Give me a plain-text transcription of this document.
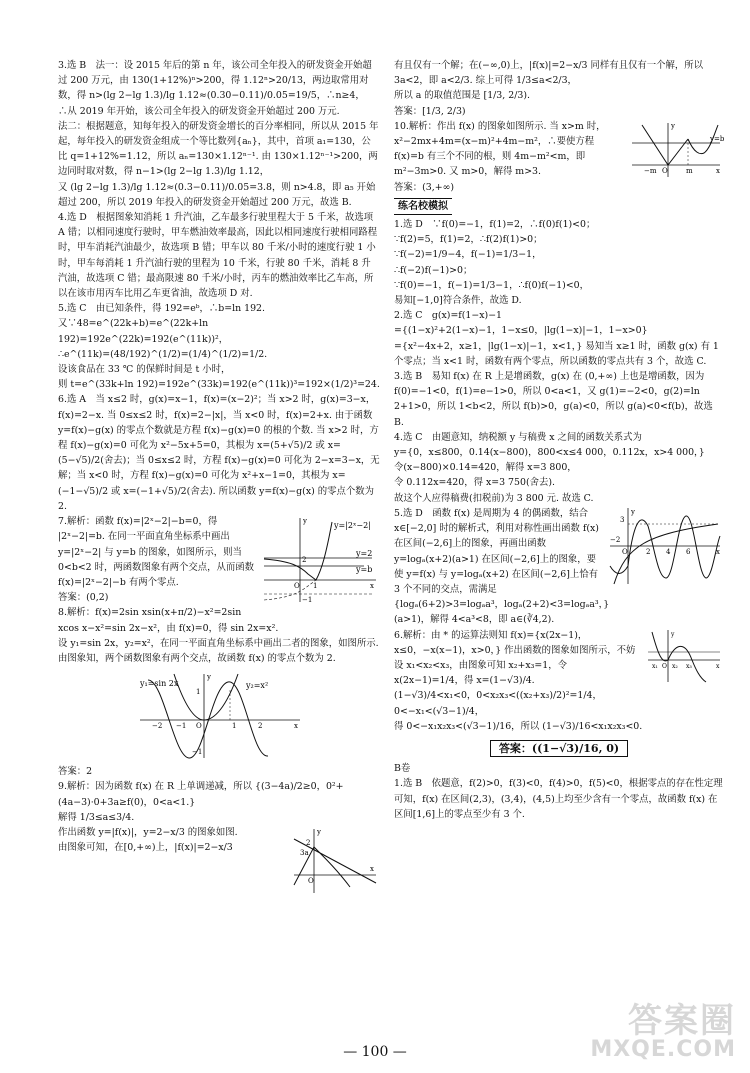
3.选 B　法一：设 2015 年后的第 n 年，该公司全年投入的研发资金开始超过 200 万元，由 130(1+12%)ⁿ>200，得 1.12ⁿ>20/13，两边取常用对数，得 n>(lg 2−lg 1.3)/lg 1.12≈(0.30−0.11)/0.05=19/5，∴n≥4，

∴从 2019 年开始，该公司全年投入的研发资金开始超过 200 万元.

法二：根据题意，知每年投入的研发资金增长的百分率相同，所以从 2015 年起，每年投入的研发资金组成一个等比数列{aₙ}，其中，首项 a₁=130，公比 q=1+12%=1.12，所以 aₙ=130×1.12ⁿ⁻¹. 由 130×1.12ⁿ⁻¹>200，两边同时取对数，得 n−1>(lg 2−lg 1.3)/lg 1.12，

又 (lg 2−lg 1.3)/lg 1.12≈(0.3−0.11)/0.05=3.8，则 n>4.8，即 a₅ 开始超过 200，所以 2019 年投入的研发资金开始超过 200 万元，故选 B.

4.选 D　根据图象知消耗 1 升汽油，乙车最多行驶里程大于 5 千米，故选项 A 错；以相同速度行驶时，甲车燃油效率最高，因此以相同速度行驶相同路程时，甲车消耗汽油最少，故选项 B 错；甲车以 80 千米/小时的速度行驶 1 小时，甲车每消耗 1 升汽油行驶的里程为 10 千米，行驶 80 千米，消耗 8 升汽油，故选项 C 错；最高限速 80 千米/小时，丙车的燃油效率比乙车高，所以在该市用丙车比用乙车更省油，故选项 D 对.

5.选 C　由已知条件，得 192=eᵇ，∴b=ln 192.

又∵48=e^(22k+b)=e^(22k+ln 192)=192e^(22k)=192(e^(11k))²，

∴e^(11k)=(48/192)^(1/2)=(1/4)^(1/2)=1/2.

设该食品在 33 ℃ 的保鲜时间是 t 小时，

则 t=e^(33k+ln 192)=192e^(33k)=192(e^(11k))³=192×(1/2)³=24.

6.选 A　当 x≤2 时，g(x)=x−1，f(x)=(x−2)²；当 x>2 时，g(x)=3−x，f(x)=2−x. 当 0≤x≤2 时，f(x)=2−|x|，当 x<0 时，f(x)=2+x. 由于函数 y=f(x)−g(x) 的零点个数就是方程 f(x)−g(x)=0 的根的个数. 当 x>2 时，方程 f(x)−g(x)=0 可化为 x²−5x+5=0，其根为 x=(5+√5)/2 或 x=(5−√5)/2(舍去)；当 0≤x≤2 时，方程 f(x)−g(x)=0 可化为 2−x=3−x，无解；当 x<0 时，方程 f(x)−g(x)=0 可化为 x²+x−1=0，其根为 x=(−1−√5)/2 或 x=(−1+√5)/2(舍去). 所以函数 y=f(x)−g(x) 的零点个数为 2.

y=|2ˣ−2|
y=2
y=b
O	x
y
1
2
−1

7.解析：函数 f(x)=|2ˣ−2|−b=0，得 |2ˣ−2|=b. 在同一平面直角坐标系中画出 y=|2ˣ−2| 与 y=b 的图象，如图所示，则当 0<b<2 时，两函数图象有两个交点，从而函数 f(x)=|2ˣ−2|−b 有两个零点.

答案：(0,2)

8.解析：f(x)=2sin xsin(x+π/2)−x²=2sin xcos x−x²=sin 2x−x²，由 f(x)=0，得 sin 2x=x².

设 y₁=sin 2x，y₂=x²，在同一平面直角坐标系中画出二者的图象，如图所示. 由图象知，两个函数图象有两个交点，故函数 f(x) 的零点个数为 2.

y₁=sin 2x	y₂=x²
O	x
y
−2 −1	1	2
1
−1

答案：2

9.解析：因为函数 f(x) 在 R 上单调递减，所以 {(3−4a)/2≥0，0²+(4a−3)·0+3a≥f(0)，0<a<1.}

解得 1/3≤a≤3/4.

3a
2
O
x
y

作出函数 y=|f(x)|，y=2−x/3 的图象如图.

由图象可知，在[0,+∞)上，|f(x)|=2−x/3

有且仅有一个解；在(−∞,0)上，|f(x)|=2−x/3 同样有且仅有一个解，所以 3a<2，即 a<2/3. 综上可得 1/3≤a<2/3，

所以 a 的取值范围是 [1/3, 2/3).

答案：[1/3, 2/3)

y=b
O	m
−m	x
y

10.解析：作出 f(x) 的图象如图所示. 当 x>m 时，x²−2mx+4m=(x−m)²+4m−m²，∴要使方程 f(x)=b 有三个不同的根，则 4m−m²<m，即 m²−3m>0. 又 m>0，解得 m>3.

答案：(3,+∞)

练名校模拟

1.选 D　∵f(0)=−1，f(1)=2，∴f(0)f(1)<0；

∵f(2)=5，f(1)=2，∴f(2)f(1)>0；

∵f(−2)=1/9−4，f(−1)=1/3−1，

∴f(−2)f(−1)>0；

∵f(0)=−1，f(−1)=1/3−1，∴f(0)f(−1)<0，

易知[−1,0]符合条件，故选 D.

2.选 C　g(x)=f(1−x)−1

={(1−x)²+2(1−x)−1，1−x≤0，|lg(1−x)|−1，1−x>0}

={x²−4x+2，x≥1，|lg(1−x)|−1，x<1，} 易知当 x≥1 时，函数 g(x) 有 1 个零点；当 x<1 时，函数有两个零点，所以函数的零点共有 3 个，故选 C.

3.选 B　易知 f(x) 在 R 上是增函数，g(x) 在 (0,+∞) 上也是增函数，因为 f(0)=−1<0，f(1)=e−1>0，所以 0<a<1，又 g(1)=−2<0，g(2)=ln 2+1>0，所以 1<b<2，所以 f(b)>0，g(a)<0，所以 g(a)<0<f(b)，故选 B.

4.选 C　由题意知，纳税额 y 与稿费 x 之间的函数关系式为

y={0，x≤800，0.14(x−800)，800<x≤4 000，0.112x，x>4 000，}

令(x−800)×0.14=420，解得 x=3 800，

令 0.112x=420，得 x=3 750(舍去).

故这个人应得稿费(扣税前)为 3 800 元. 故选 C.

O	x
y
−2
2 4 6
3

5.选 D　函数 f(x) 是周期为 4 的偶函数，结合 x∈[−2,0] 时的解析式，利用对称性画出函数 f(x) 在区间(−2,6]上的图象，再画出函数 y=logₐ(x+2)(a>1) 在区间(−2,6]上的图象，要使 y=f(x) 与 y=logₐ(x+2) 在区间(−2,6]上恰有 3 个不同的交点，需满足

{logₐ(6+2)>3=logₐa³，logₐ(2+2)<3=logₐa³，}

(a>1)，解得 4<a³<8，即 a∈(∛4,2).

O	x
y
x₁ x₂ x₃

6.解析：由 * 的运算法则知 f(x)={x(2x−1)，x≤0，−x(x−1)，x>0，} 作出函数的图象如图所示，不妨设 x₁<x₂<x₃，由图象可知 x₂+x₃=1，令 x(2x−1)=1/4，得 x=(1−√3)/4.

(1−√3)/4<x₁<0，0<x₂x₃<((x₂+x₃)/2)²=1/4，

0<−x₁<(√3−1)/4，

得 0<−x₁x₂x₃<(√3−1)/16，所以 (1−√3)/16<x₁x₂x₃<0.

答案：((1−√3)/16, 0)

B卷

1.选 B　依题意，f(2)>0，f(3)<0，f(4)>0，f(5)<0，根据零点的存在性定理可知，f(x) 在区间(2,3)，(3,4)，(4,5)上均至少含有一个零点，故函数 f(x) 在区间[1,6]上的零点至少有 3 个.

— 100 —
答案圈
MXQE.COM
